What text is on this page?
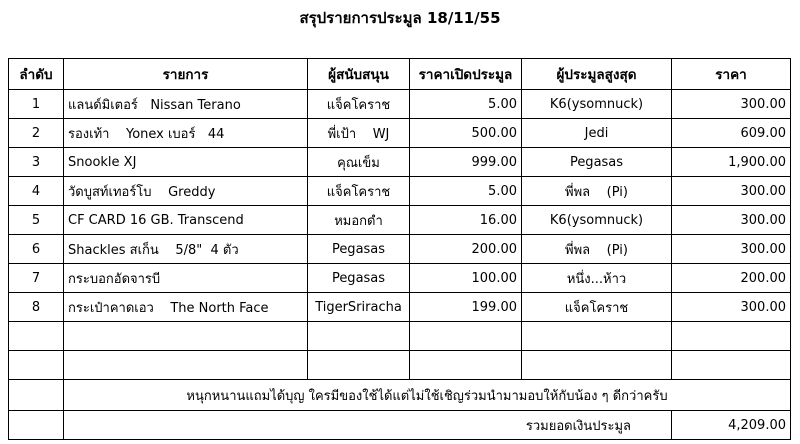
สรุปรายการประมูล 18/11/55
ลำดับ	รายการ	ผู้สนับสนุน	ราคาเปิดประมูล	ผู้ประมูลสูงสุด	ราคา
1	แลนด์มิเตอร์   Nissan Terano	แจ็คโคราช	5.00	K6(ysomnuck)	300.00
2	รองเท้า    Yonex เบอร์   44	พี่เป้า    WJ	500.00	Jedi	609.00
3	Snookle XJ	คุณเข็ม	999.00	Pegasas	1,900.00
4	วัดบูสท์เทอร์โบ    Greddy	แจ็คโคราช	5.00	พี่พล    (Pi)	300.00
5	CF CARD 16 GB. Transcend	หมอกดำ	16.00	K6(ysomnuck)	300.00
6	Shackles สเก็น    5/8"  4 ตัว	Pegasas	200.00	พี่พล    (Pi)	300.00
7	กระบอกอัดจารบี	Pegasas	100.00	หนึ่ง...ห้าว	200.00
8	กระเป๋าคาดเอว    The North Face	TigerSriracha	199.00	แจ็คโคราช	300.00

	หนุกหนานแถมได้บุญ ใครมีของใช้ได้แต่ไม่ใช้เชิญร่วมนำมามอบให้กับน้อง ๆ ดีกว่าครับ				
	รวมยอดเงินประมูล				4,209.00
